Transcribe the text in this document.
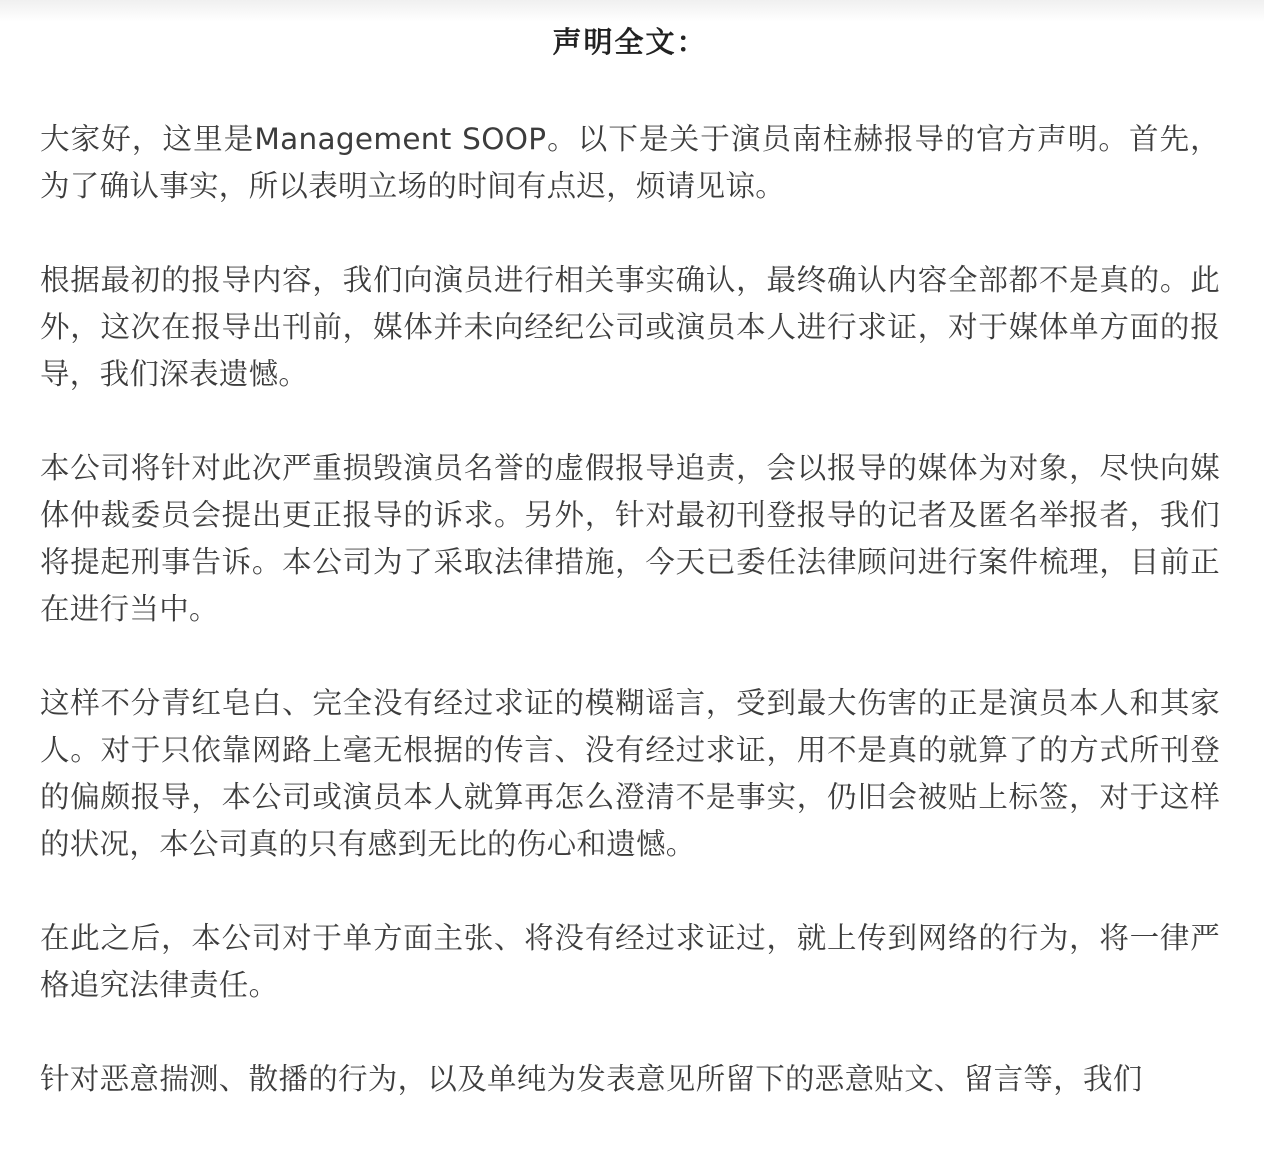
声明全文：

大家好，这里是Management SOOP。以下是关于演员南柱赫报导的官方声明。首先，为了确认事实，所以表明立场的时间有点迟，烦请见谅。

根据最初的报导内容，我们向演员进行相关事实确认，最终确认内容全部都不是真的。此外，这次在报导出刊前，媒体并未向经纪公司或演员本人进行求证，对于媒体单方面的报导，我们深表遗憾。

本公司将针对此次严重损毁演员名誉的虚假报导追责，会以报导的媒体为对象，尽快向媒体仲裁委员会提出更正报导的诉求。另外，针对最初刊登报导的记者及匿名举报者，我们将提起刑事告诉。本公司为了采取法律措施，今天已委任法律顾问进行案件梳理，目前正在进行当中。

这样不分青红皂白、完全没有经过求证的模糊谣言，受到最大伤害的正是演员本人和其家人。对于只依靠网路上毫无根据的传言、没有经过求证，用不是真的就算了的方式所刊登的偏颇报导，本公司或演员本人就算再怎么澄清不是事实，仍旧会被贴上标签，对于这样的状况，本公司真的只有感到无比的伤心和遗憾。

在此之后，本公司对于单方面主张、将没有经过求证过，就上传到网络的行为，将一律严格追究法律责任。

针对恶意揣测、散播的行为，以及单纯为发表意见所留下的恶意贴文、留言等，我们
